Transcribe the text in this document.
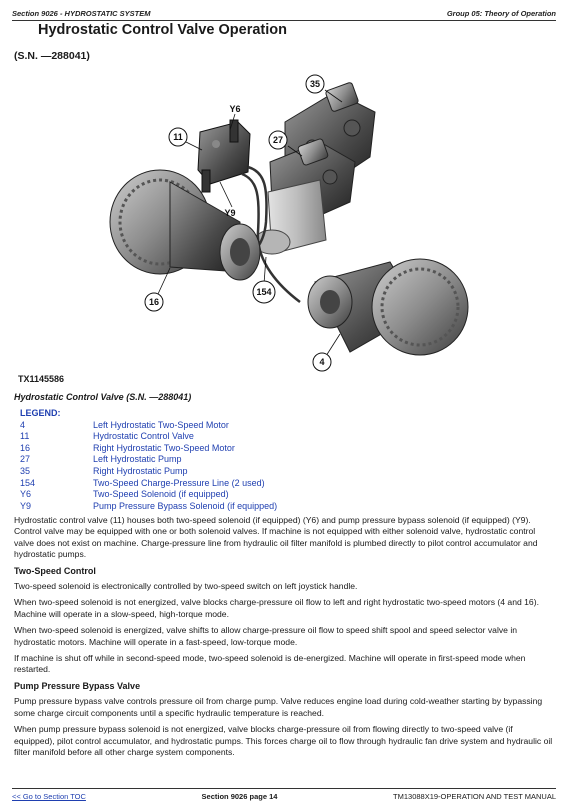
Section 9026 - HYDROSTATIC SYSTEM	Group 05: Theory of Operation
Hydrostatic Control Valve Operation
(S.N. —288041)
35
Y6
11	27
Y9
16
154
4
TX1145586
Hydrostatic Control Valve (S.N. —288041)
LEGEND:
4	Left Hydrostatic Two-Speed Motor
11	Hydrostatic Control Valve
16	Right Hydrostatic Two-Speed Motor
27	Left Hydrostatic Pump
35	Right Hydrostatic Pump
154	Two-Speed Charge-Pressure Line (2 used)
Y6	Two-Speed Solenoid (if equipped)
Y9	Pump Pressure Bypass Solenoid (if equipped)

Hydrostatic control valve (11) houses both two-speed solenoid (if equipped) (Y6) and pump pressure bypass solenoid (if equipped) (Y9). Control valve may be equipped with one or both solenoid valves. If machine is not equipped with either solenoid valve, hydrostatic control valve does not exist on machine. Charge-pressure line from hydraulic oil filter manifold is plumbed directly to pilot control accumulator and hydrostatic pumps.

Two-Speed Control

Two-speed solenoid is electronically controlled by two-speed switch on left joystick handle.

When two-speed solenoid is not energized, valve blocks charge-pressure oil flow to left and right hydrostatic two-speed motors (4 and 16). Machine will operate in a slow-speed, high-torque mode.

When two-speed solenoid is energized, valve shifts to allow charge-pressure oil flow to speed shift spool and speed selector valve in hydrostatic motors. Machine will operate in a fast-speed, low-torque mode.

If machine is shut off while in second-speed mode, two-speed solenoid is de-energized. Machine will operate in first-speed mode when restarted.

Pump Pressure Bypass Valve

Pump pressure bypass valve controls pressure oil from charge pump. Valve reduces engine load during cold-weather starting by bypassing some charge circuit components until a specific hydraulic temperature is reached.

When pump pressure bypass solenoid is not energized, valve blocks charge-pressure oil from flowing directly to two-speed valve (if equipped), pilot control accumulator, and hydrostatic pumps. This forces charge oil to flow through hydraulic fan drive system and hydraulic oil filter manifold before all other charge system components.

<< Go to Section TOC	Section 9026 page 14	TM13088X19-OPERATION AND TEST MANUAL
